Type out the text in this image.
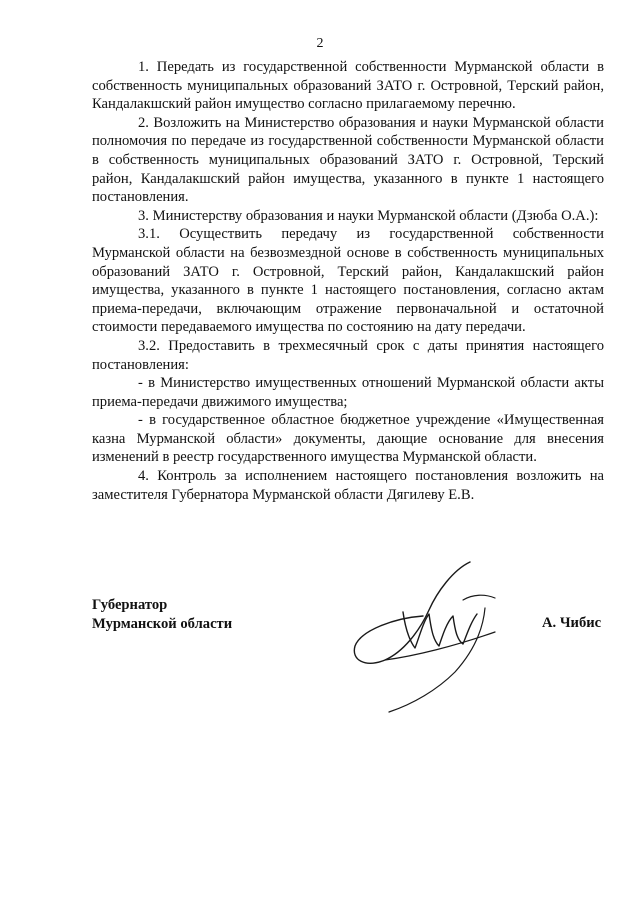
2

1. Передать из государственной собственности Мурманской области в собственность муниципальных образований ЗАТО г. Островной, Терский район, Кандалакшский район имущество согласно прилагаемому перечню.

2. Возложить на Министерство образования и науки Мурманской области полномочия по передаче из государственной собственности Мурманской области в собственность муниципальных образований ЗАТО г. Островной, Терский район, Кандалакшский район имущества, указанного в пункте 1 настоящего постановления.

3. Министерству образования и науки Мурманской области (Дзюба О.А.):

3.1. Осуществить передачу из государственной собственности Мурманской области на безвозмездной основе в собственность муниципальных образований ЗАТО г. Островной, Терский район, Кандалакшский район имущества, указанного в пункте 1 настоящего постановления, согласно актам приема-передачи, включающим отражение первоначальной и остаточной стоимости передаваемого имущества по состоянию на дату передачи.

3.2. Предоставить в трехмесячный срок с даты принятия настоящего постановления:

- в Министерство имущественных отношений Мурманской области акты приема-передачи движимого имущества;

- в государственное областное бюджетное учреждение «Имущественная казна Мурманской области» документы, дающие основание для внесения изменений в реестр государственного имущества Мурманской области.

4. Контроль за исполнением настоящего постановления возложить на заместителя Губернатора Мурманской области Дягилеву Е.В.

Губернатор
Мурманской области	А. Чибис
